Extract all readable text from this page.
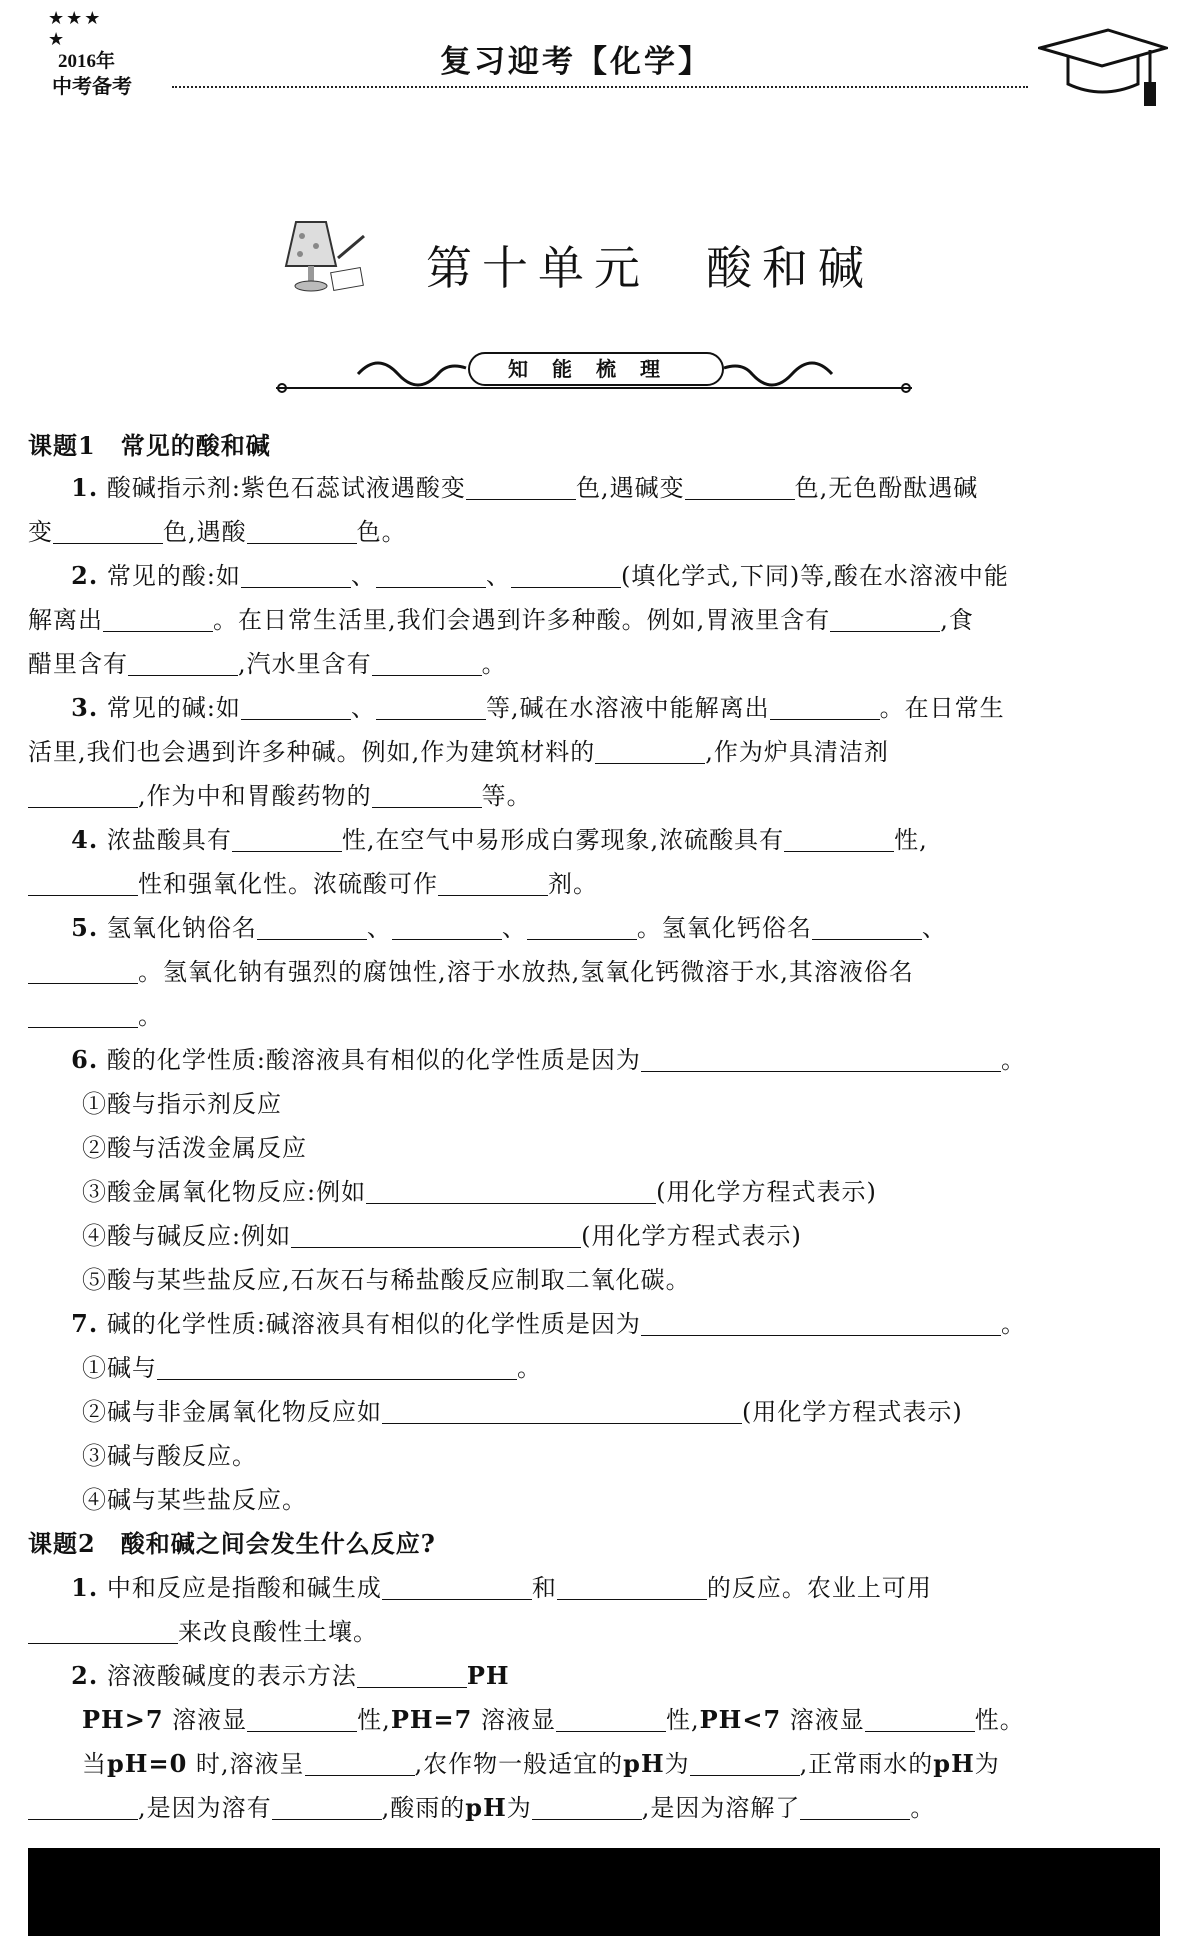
★★★
★
2016年
中考备考
复习迎考【化学】
第十单元　酸和碱
知能梳理
课题1　常见的酸和碱
1. 酸碱指示剂:紫色石蕊试液遇酸变	色,遇碱变	色,无色酚酞遇碱
变	色,遇酸	色。
2. 常见的酸:如	、	、	(填化学式,下同)等,酸在水溶液中能
解离出	。在日常生活里,我们会遇到许多种酸。例如,胃液里含有	,食
醋里含有	,汽水里含有	。
3. 常见的碱:如	、	等,碱在水溶液中能解离出	。在日常生
活里,我们也会遇到许多种碱。例如,作为建筑材料的	,作为炉具清洁剂
,作为中和胃酸药物的	等。
4. 浓盐酸具有	性,在空气中易形成白雾现象,浓硫酸具有	性,
性和强氧化性。浓硫酸可作	剂。
5. 氢氧化钠俗名	、	、	。氢氧化钙俗名	、
。氢氧化钠有强烈的腐蚀性,溶于水放热,氢氧化钙微溶于水,其溶液俗名
。
6. 酸的化学性质:酸溶液具有相似的化学性质是因为	。
①酸与指示剂反应
②酸与活泼金属反应
③酸金属氧化物反应:例如	(用化学方程式表示)
④酸与碱反应:例如	(用化学方程式表示)
⑤酸与某些盐反应,石灰石与稀盐酸反应制取二氧化碳。
7. 碱的化学性质:碱溶液具有相似的化学性质是因为	。
①碱与	。
②碱与非金属氧化物反应如	(用化学方程式表示)
③碱与酸反应。
④碱与某些盐反应。
课题2　酸和碱之间会发生什么反应?
1. 中和反应是指酸和碱生成	和	的反应。农业上可用
来改良酸性土壤。
2. 溶液酸碱度的表示方法	PH
PH>7 溶液显	性,PH=7 溶液显	性,PH<7 溶液显	性。
当pH=0 时,溶液呈	,农作物一般适宜的pH为	,正常雨水的pH为
,是因为溶有	,酸雨的pH为	,是因为溶解了	。
